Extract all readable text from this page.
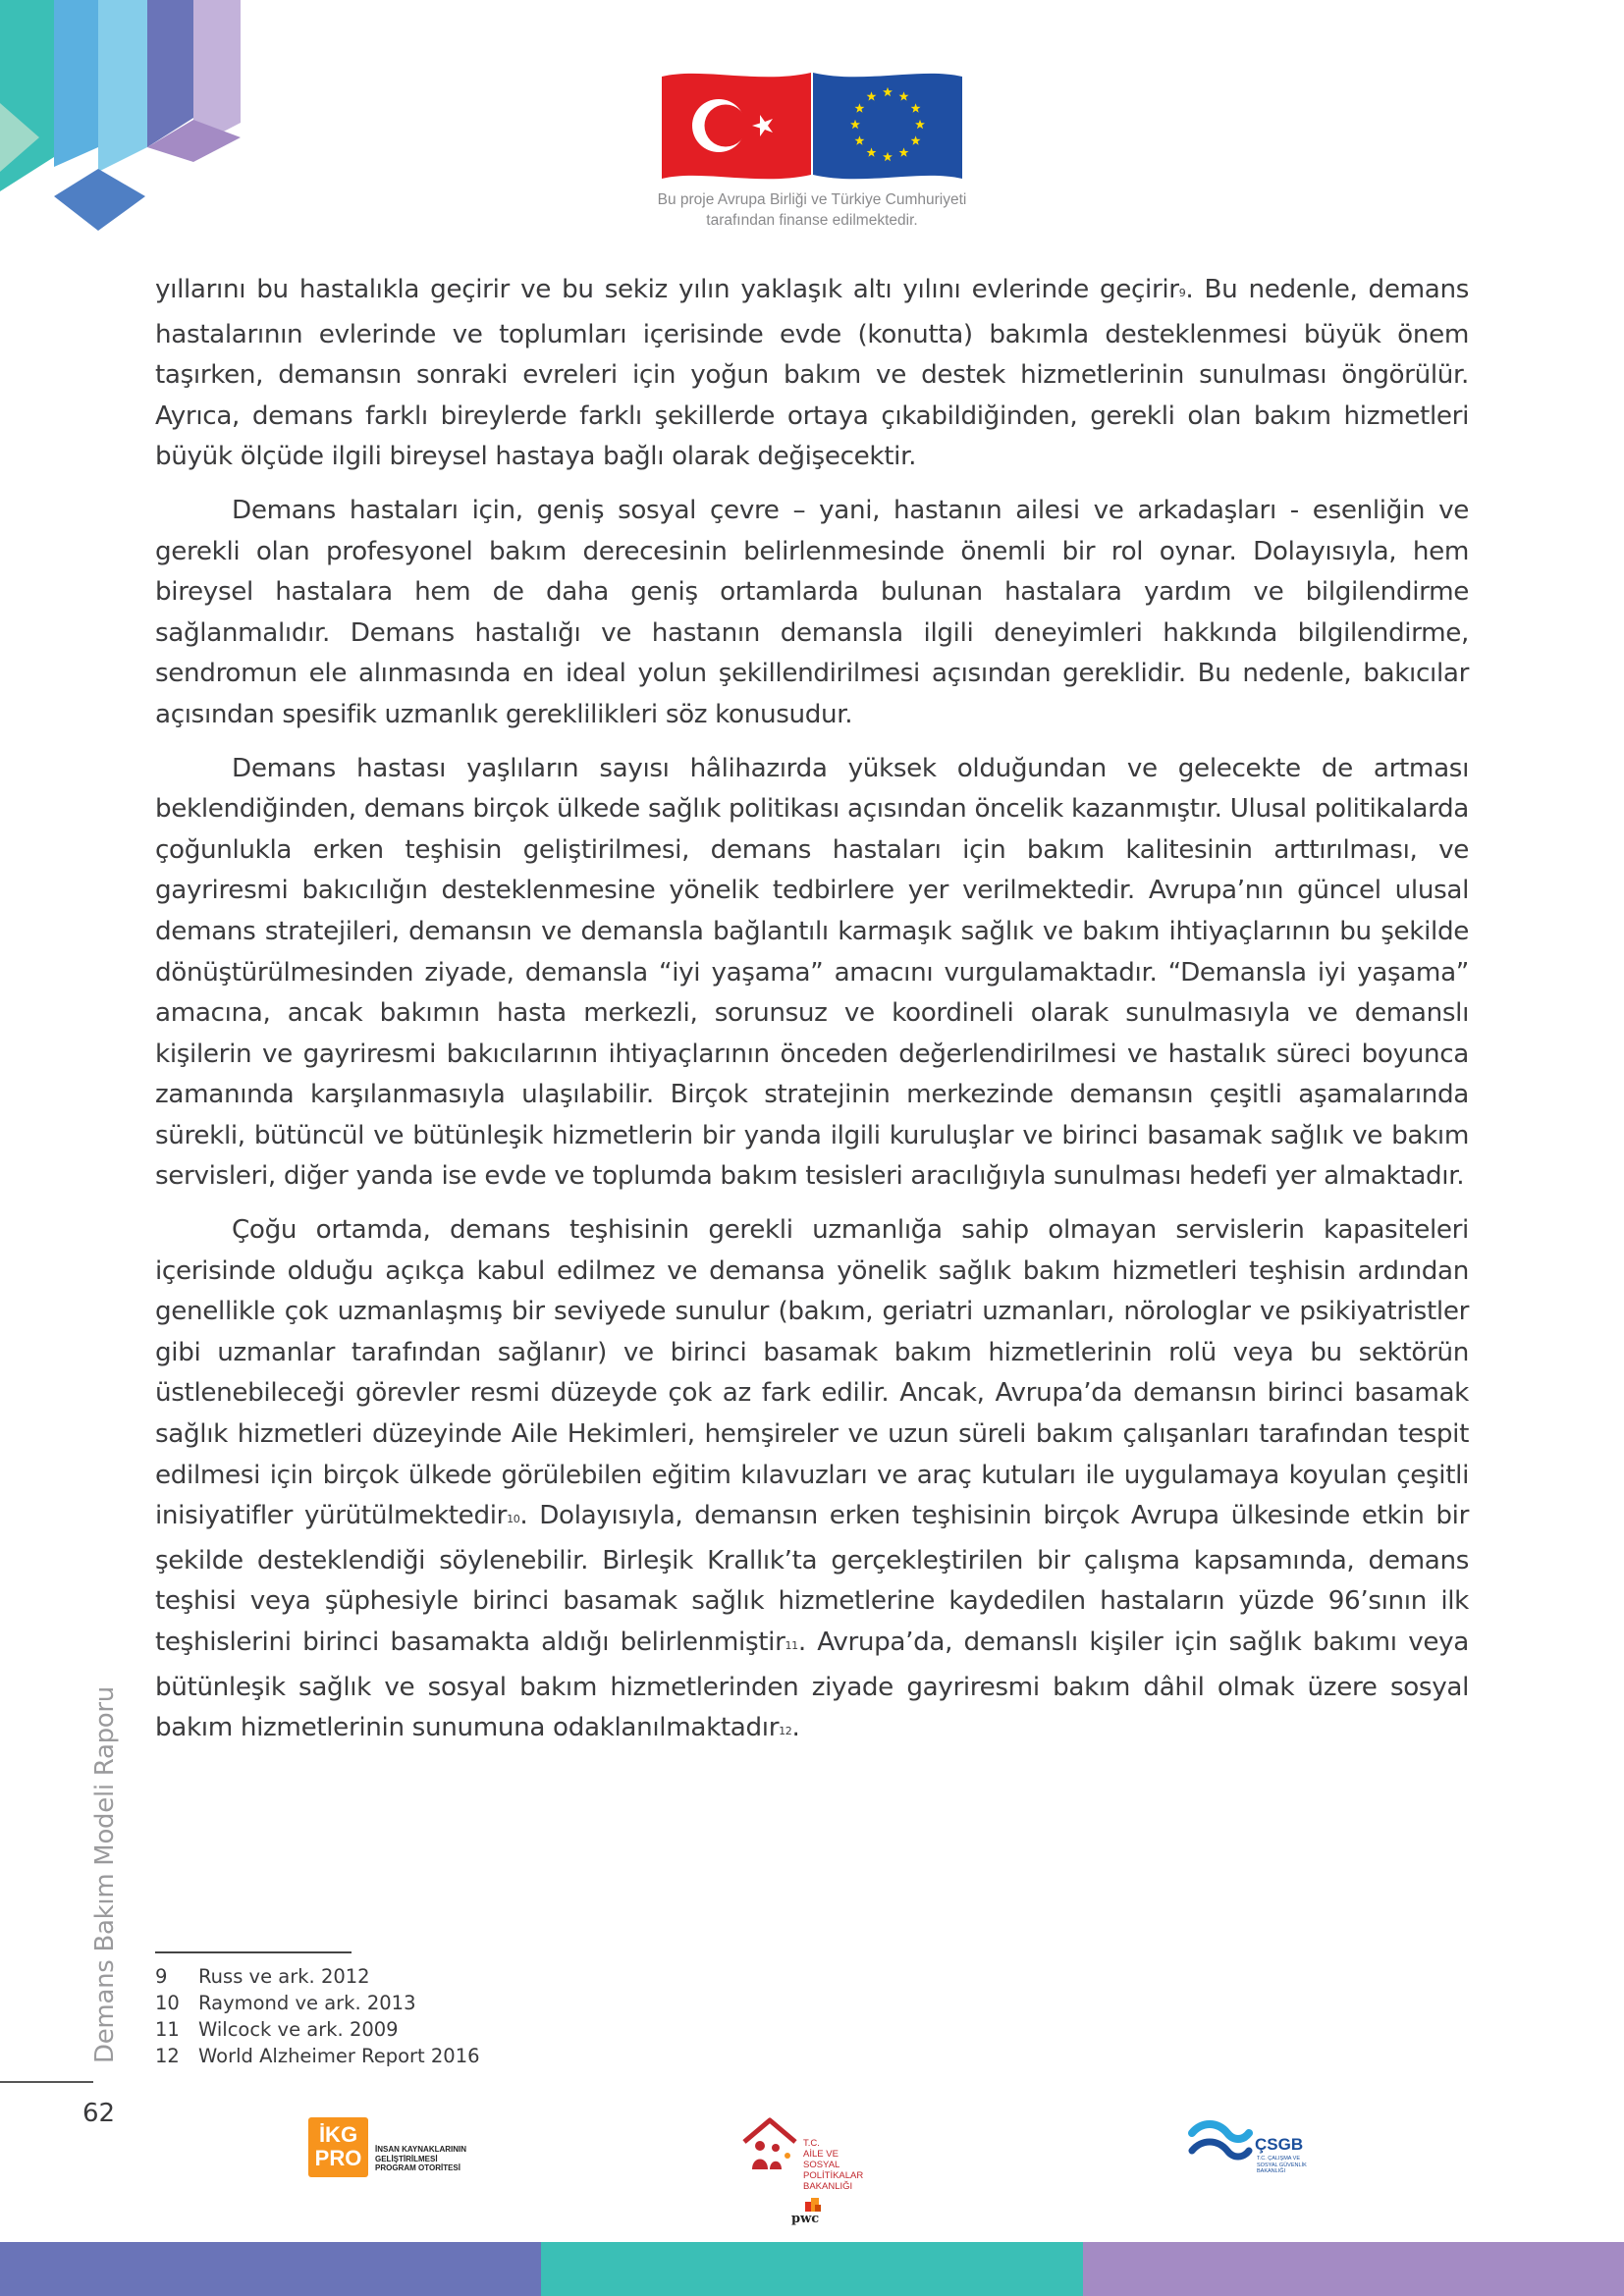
Bu proje Avrupa Birliği ve Türkiye Cumhuriyeti
tarafından finanse edilmektedir.

yıllarını bu hastalıkla geçirir ve bu sekiz yılın yaklaşık altı yılını evlerinde geçirir$^9$. Bu nedenle, demans hastalarının evlerinde ve toplumları içerisinde evde (konutta) bakımla desteklenmesi büyük önem taşırken, demansın sonraki evreleri için yoğun bakım ve destek hizmetlerinin sunulması öngörülür. Ayrıca, demans farklı bireylerde farklı şekillerde ortaya çıkabildiğinden, gerekli olan bakım hizmetleri büyük ölçüde ilgili bireysel hastaya bağlı olarak değişecektir.

Demans hastaları için, geniş sosyal çevre – yani, hastanın ailesi ve arkadaşları - esenliğin ve gerekli olan profesyonel bakım derecesinin belirlenmesinde önemli bir rol oynar. Dolayısıyla, hem bireysel hastalara hem de daha geniş ortamlarda bulunan hastalara yardım ve bilgilendirme sağlanmalıdır. Demans hastalığı ve hastanın demansla ilgili deneyimleri hakkında bilgilendirme, sendromun ele alınmasında en ideal yolun şekillendirilmesi açısından gereklidir. Bu nedenle, bakıcılar açısından spesifik uzmanlık gereklilikleri söz konusudur.

Demans hastası yaşlıların sayısı hâlihazırda yüksek olduğundan ve gelecekte de artması beklendiğinden, demans birçok ülkede sağlık politikası açısından öncelik kazanmıştır. Ulusal politikalarda çoğunlukla erken teşhisin geliştirilmesi, demans hastaları için bakım kalitesinin arttırılması, ve gayriresmi bakıcılığın desteklenmesine yönelik tedbirlere yer verilmektedir. Avrupa’nın güncel ulusal demans stratejileri, demansın ve demansla bağlantılı karmaşık sağlık ve bakım ihtiyaçlarının bu şekilde dönüştürülmesinden ziyade, demansla “iyi yaşama” amacını vurgulamaktadır. “Demansla iyi yaşama” amacına, ancak bakımın hasta merkezli, sorunsuz ve koordineli olarak sunulmasıyla ve demanslı kişilerin ve gayriresmi bakıcılarının ihtiyaçlarının önceden değerlendirilmesi ve hastalık süreci boyunca zamanında karşılanmasıyla ulaşılabilir. Birçok stratejinin merkezinde demansın çeşitli aşamalarında sürekli, bütüncül ve bütünleşik hizmetlerin bir yanda ilgili kuruluşlar ve birinci basamak sağlık ve bakım servisleri, diğer yanda ise evde ve toplumda bakım tesisleri aracılığıyla sunulması hedefi yer almaktadır.

Çoğu ortamda, demans teşhisinin gerekli uzmanlığa sahip olmayan servislerin kapasiteleri içerisinde olduğu açıkça kabul edilmez ve demansa yönelik sağlık bakım hizmetleri teşhisin ardından genellikle çok uzmanlaşmış bir seviyede sunulur (bakım, geriatri uzmanları, nörologlar ve psikiyatristler gibi uzmanlar tarafından sağlanır) ve birinci basamak bakım hizmetlerinin rolü veya bu sektörün üstlenebileceği görevler resmi düzeyde çok az fark edilir. Ancak, Avrupa’da demansın birinci basamak sağlık hizmetleri düzeyinde Aile Hekimleri, hemşireler ve uzun süreli bakım çalışanları tarafından tespit edilmesi için birçok ülkede görülebilen eğitim kılavuzları ve araç kutuları ile uygulamaya koyulan çeşitli inisiyatifler yürütülmektedir$^{10}$. Dolayısıyla, demansın erken teşhisinin birçok Avrupa ülkesinde etkin bir şekilde desteklendiği söylenebilir. Birleşik Krallık’ta gerçekleştirilen bir çalışma kapsamında, demans teşhisi veya şüphesiyle birinci basamak sağlık hizmetlerine kaydedilen hastaların yüzde 96’sının ilk teşhislerini birinci basamakta aldığı belirlenmiştir$^{11}$. Avrupa’da, demanslı kişiler için sağlık bakımı veya bütünleşik sağlık ve sosyal bakım hizmetlerinden ziyade gayriresmi bakım dâhil olmak üzere sosyal bakım hizmetlerinin sunumuna odaklanılmaktadır$^{12}$.

9	Russ ve ark. 2012
10 Raymond ve ark. 2013
11 Wilcock ve ark. 2009
12 World Alzheimer Report 2016
Demans Bakım Modeli Raporu
62
İKG
PRO	İNSAN KAYNAKLARININ
GELİŞTİRİLMESİ
PROGRAM OTORİTESİ
T.C.
AİLE VE
SOSYAL POLİTİKALAR
BAKANLIĞI
pwc
ÇSGB
T.C. ÇALIŞMA VE
SOSYAL GÜVENLİK
BAKANLIĞI
